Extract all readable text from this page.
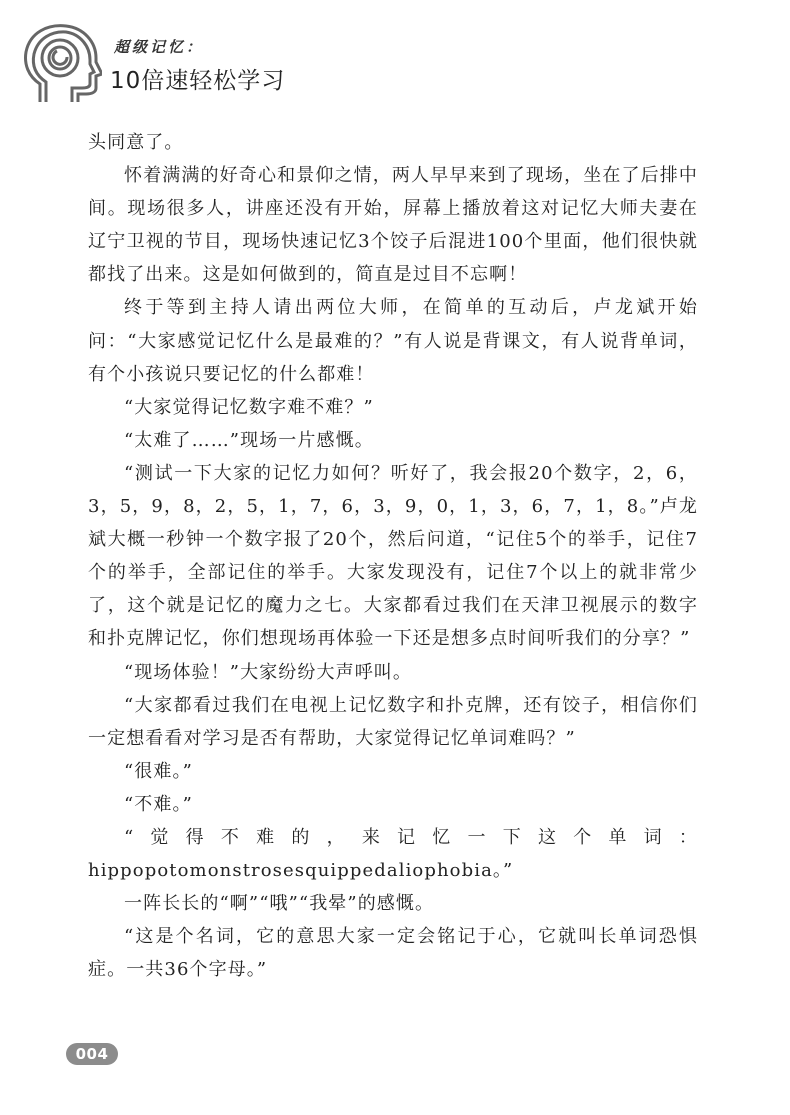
超级记忆：
10倍速轻松学习

头同意了。

怀着满满的好奇心和景仰之情，两人早早来到了现场，坐在了后排中间。现场很多人，讲座还没有开始，屏幕上播放着这对记忆大师夫妻在辽宁卫视的节目，现场快速记忆3个饺子后混进100个里面，他们很快就都找了出来。这是如何做到的，简直是过目不忘啊！

终于等到主持人请出两位大师，在简单的互动后，卢龙斌开始问：“大家感觉记忆什么是最难的？”有人说是背课文，有人说背单词，有个小孩说只要记忆的什么都难！

“大家觉得记忆数字难不难？”

“太难了……”现场一片感慨。

“测试一下大家的记忆力如何？听好了，我会报20个数字，2，6，3，5，9，8，2，5，1，7，6，3，9，0，1，3，6，7，1，8。”卢龙斌大概一秒钟一个数字报了20个，然后问道，“记住5个的举手，记住7个的举手，全部记住的举手。大家发现没有，记住7个以上的就非常少了，这个就是记忆的魔力之七。大家都看过我们在天津卫视展示的数字和扑克牌记忆，你们想现场再体验一下还是想多点时间听我们的分享？”

“现场体验！”大家纷纷大声呼叫。

“大家都看过我们在电视上记忆数字和扑克牌，还有饺子，相信你们一定想看看对学习是否有帮助，大家觉得记忆单词难吗？”

“很难。”

“不难。”

“觉得不难的，来记忆一下这个单词：hippopotomonstrosesquippedaliophobia。”

一阵长长的“啊”“哦”“我晕”的感慨。

“这是个名词，它的意思大家一定会铭记于心，它就叫长单词恐惧症。一共36个字母。”

004
